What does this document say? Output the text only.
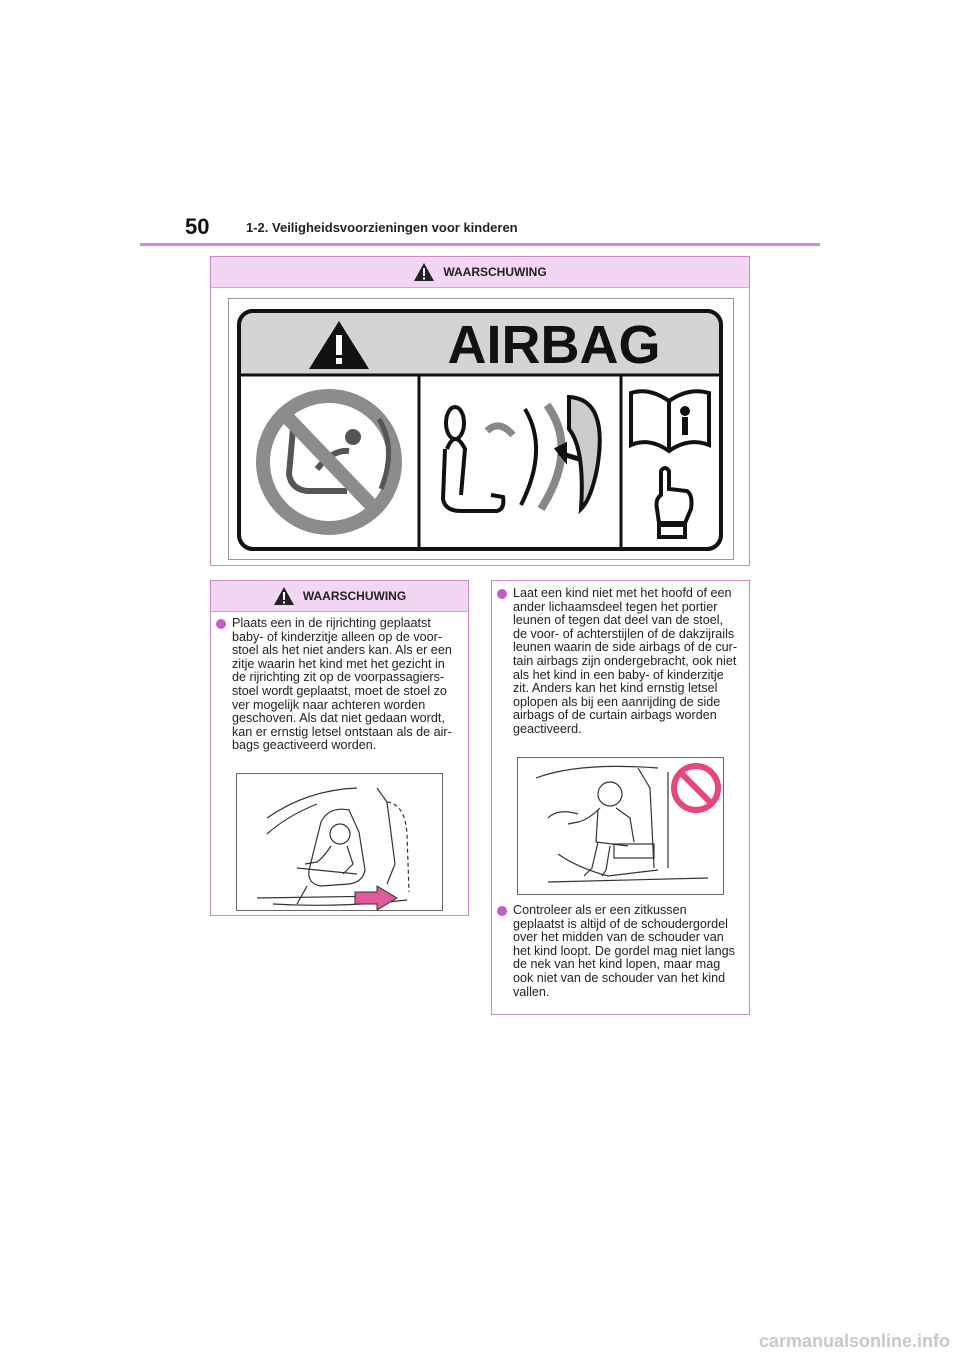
50	1-2. Veiligheidsvoorzieningen voor kinderen
WAARSCHUWING
AIRBAG
WAARSCHUWING
Plaats een in de rijrichting geplaatst
baby- of kinderzitje alleen op de voor-
stoel als het niet anders kan. Als er een
zitje waarin het kind met het gezicht in
de rijrichting zit op de voorpassagiers-
stoel wordt geplaatst, moet de stoel zo
ver mogelijk naar achteren worden
geschoven. Als dat niet gedaan wordt,
kan er ernstig letsel ontstaan als de air-
bags geactiveerd worden.
Laat een kind niet met het hoofd of een
ander lichaamsdeel tegen het portier
leunen of tegen dat deel van de stoel,
de voor- of achterstijlen of de dakzijrails
leunen waarin de side airbags of de cur-
tain airbags zijn ondergebracht, ook niet
als het kind in een baby- of kinderzitje
zit. Anders kan het kind ernstig letsel
oplopen als bij een aanrijding de side
airbags of de curtain airbags worden
geactiveerd.
Controleer als er een zitkussen
geplaatst is altijd of de schoudergordel
over het midden van de schouder van
het kind loopt. De gordel mag niet langs
de nek van het kind lopen, maar mag
ook niet van de schouder van het kind
vallen.
carmanualsonline.info
